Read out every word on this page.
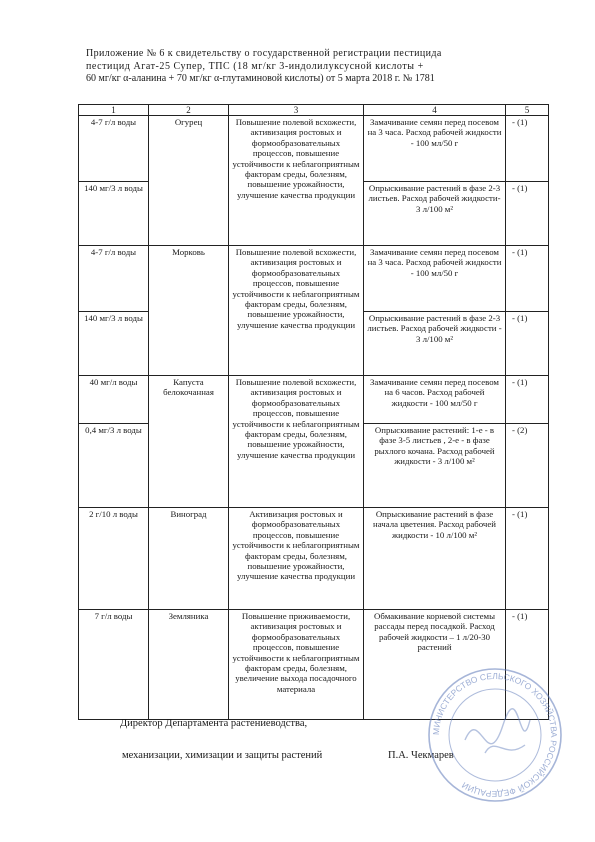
Приложение № 6 к свидетельству о государственной регистрации пестицида
пестицид Агат-25 Супер, ТПС (18 мг/кг 3-индолилуксусной кислоты +
60 мг/кг α-аланина + 70 мг/кг α-глутаминовой кислоты) от 5 марта 2018 г. № 1781
1	2	3	4	5
4-7 г/л воды	Огурец	Повышение полевой всхожести, активизация ростовых и формообразовательных процессов, повышение устойчивости к неблагоприятным факторам среды, болезням, повышение урожайности, улучшение качества продукции	Замачивание семян перед посевом на 3 часа. Расход рабочей жидкости - 100 мл/50 г	- (1)
140 мг/3 л воды			Опрыскивание растений в фазе 2-3 листьев. Расход рабочей жидкости- 3 л/100 м²	- (1)
4-7 г/л воды	Морковь	Повышение полевой всхожести, активизация ростовых и формообразовательных процессов, повышение устойчивости к неблагоприятным факторам среды, болезням, повышение урожайности, улучшение качества продукции	Замачивание семян перед посевом на 3 часа. Расход рабочей жидкости - 100 мл/50 г	- (1)
140 мг/3 л воды			Опрыскивание растений в фазе 2-3 листьев. Расход рабочей жидкости - 3 л/100 м²	- (1)
40 мг/л воды	Капуста белокочанная	Повышение полевой всхожести, активизация ростовых и формообразовательных процессов, повышение устойчивости к неблагоприятным факторам среды, болезням, повышение урожайности, улучшение качества продукции	Замачивание семян перед посевом на 6 часов. Расход рабочей жидкости - 100 мл/50 г	- (1)
0,4 мг/3 л воды			Опрыскивание растений: 1-е - в фазе 3-5 листьев , 2-е - в фазе рыхлого кочана. Расход рабочей жидкости - 3 л/100 м²	- (2)
2 г/10 л воды	Виноград	Активизация ростовых и формообразовательных процессов, повышение устойчивости к неблагоприятным факторам среды, болезням, повышение урожайности, улучшение качества продукции	Опрыскивание растений в фазе начала цветения. Расход рабочей жидкости - 10 л/100 м²	- (1)
7 г/л воды	Земляника	Повышение приживаемости, активизация ростовых и формообразовательных процессов, повышение устойчивости к неблагоприятным факторам среды, болезням, увеличение выхода посадочного материала	Обмакивание корневой системы рассады перед посадкой. Расход рабочей жидкости – 1 л/20-30 растений	- (1)
Директор Департамента растениеводства,
механизации, химизации и защиты растений	П.А. Чекмарев
МИНИСТЕРСТВО СЕЛЬСКОГО ХОЗЯЙСТВА РОССИЙСКОЙ ФЕДЕРАЦИИ
